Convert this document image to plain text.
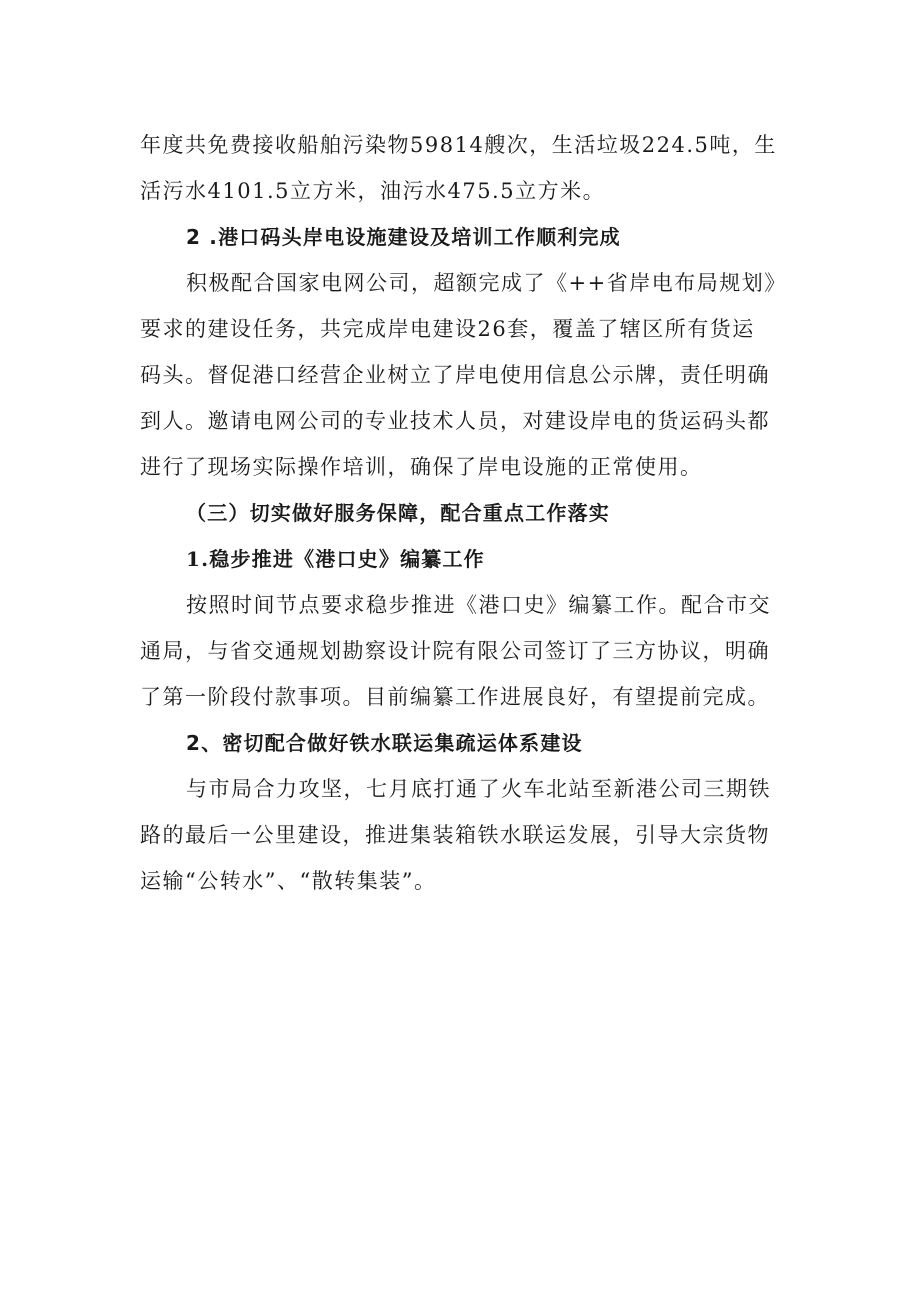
年度共免费接收船舶污染物59814艘次，生活垃圾224.5吨，生
活污水4101.5立方米，油污水475.5立方米。
2 .港口码头岸电设施建设及培训工作顺利完成
积极配合国家电网公司，超额完成了《++省岸电布局规划》
要求的建设任务，共完成岸电建设26套，覆盖了辖区所有货运
码头。督促港口经营企业树立了岸电使用信息公示牌，责任明确
到人。邀请电网公司的专业技术人员，对建设岸电的货运码头都
进行了现场实际操作培训，确保了岸电设施的正常使用。
（三）切实做好服务保障，配合重点工作落实
1.稳步推进《港口史》编纂工作
按照时间节点要求稳步推进《港口史》编纂工作。配合市交
通局，与省交通规划勘察设计院有限公司签订了三方协议，明确
了第一阶段付款事项。目前编纂工作进展良好，有望提前完成。
2、密切配合做好铁水联运集疏运体系建设
与市局合力攻坚，七月底打通了火车北站至新港公司三期铁
路的最后一公里建设，推进集装箱铁水联运发展，引导大宗货物
运输“公转水”、“散转集装”。
